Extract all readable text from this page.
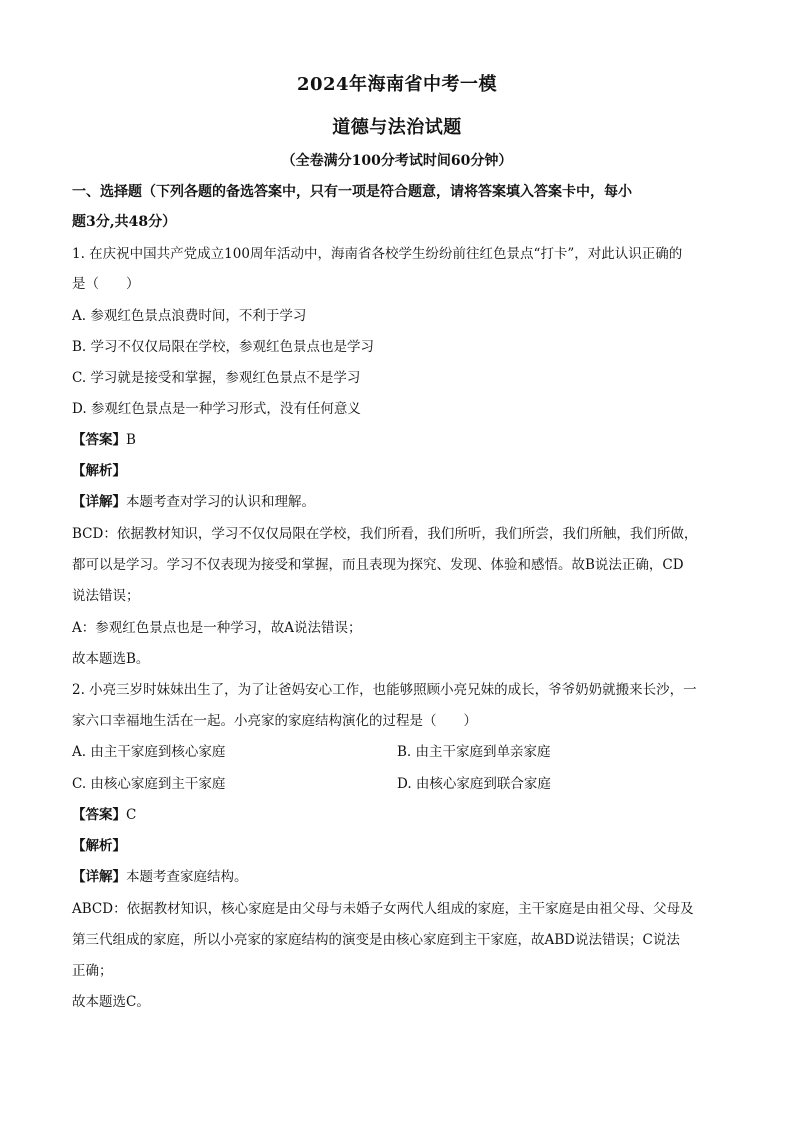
2024年海南省中考一模
道德与法治试题
（全卷满分100分考试时间60分钟）
一、选择题（下列各题的备选答案中，只有一项是符合题意，请将答案填入答案卡中，每小
题3分,共48分）
1. 在庆祝中国共产党成立100周年活动中，海南省各校学生纷纷前往红色景点“打卡”，对此认识正确的
是（　　）
A. 参观红色景点浪费时间，不利于学习
B. 学习不仅仅局限在学校，参观红色景点也是学习
C. 学习就是接受和掌握，参观红色景点不是学习
D. 参观红色景点是一种学习形式，没有任何意义
【答案】B
【解析】
【详解】本题考查对学习的认识和理解。
BCD：依据教材知识，学习不仅仅局限在学校，我们所看，我们所听，我们所尝，我们所触，我们所做，
都可以是学习。学习不仅表现为接受和掌握，而且表现为探究、发现、体验和感悟。故B说法正确，CD
说法错误；
A：参观红色景点也是一种学习，故A说法错误；
故本题选B。
2. 小亮三岁时妹妹出生了，为了让爸妈安心工作，也能够照顾小亮兄妹的成长，爷爷奶奶就搬来长沙，一
家六口幸福地生活在一起。小亮家的家庭结构演化的过程是（　　）
A. 由主干家庭到核心家庭	B. 由主干家庭到单亲家庭
C. 由核心家庭到主干家庭	D. 由核心家庭到联合家庭
【答案】C
【解析】
【详解】本题考查家庭结构。
ABCD：依据教材知识，核心家庭是由父母与未婚子女两代人组成的家庭，主干家庭是由祖父母、父母及
第三代组成的家庭，所以小亮家的家庭结构的演变是由核心家庭到主干家庭，故ABD说法错误；C说法
正确；
故本题选C。
